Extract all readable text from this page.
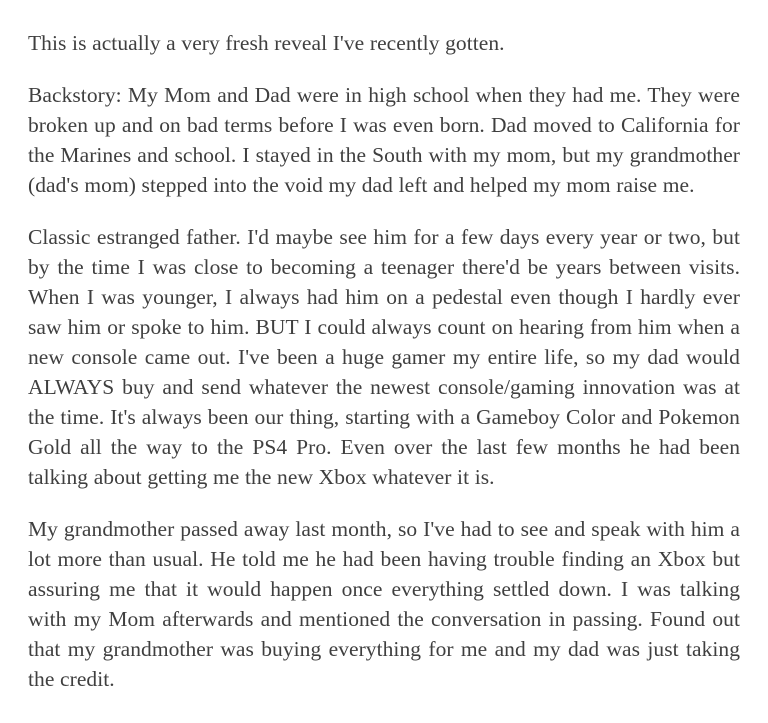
This is actually a very fresh reveal I've recently gotten.

Backstory: My Mom and Dad were in high school when they had me. They were broken up and on bad terms before I was even born. Dad moved to California for the Marines and school. I stayed in the South with my mom, but my grandmother (dad's mom) stepped into the void my dad left and helped my mom raise me.

Classic estranged father. I'd maybe see him for a few days every year or two, but by the time I was close to becoming a teenager there'd be years between visits. When I was younger, I always had him on a pedestal even though I hardly ever saw him or spoke to him. BUT I could always count on hearing from him when a new console came out. I've been a huge gamer my entire life, so my dad would ALWAYS buy and send whatever the newest console/gaming innovation was at the time. It's always been our thing, starting with a Gameboy Color and Pokemon Gold all the way to the PS4 Pro. Even over the last few months he had been talking about getting me the new Xbox whatever it is.

My grandmother passed away last month, so I've had to see and speak with him a lot more than usual. He told me he had been having trouble finding an Xbox but assuring me that it would happen once everything settled down. I was talking with my Mom afterwards and mentioned the conversation in passing. Found out that my grandmother was buying everything for me and my dad was just taking the credit.
